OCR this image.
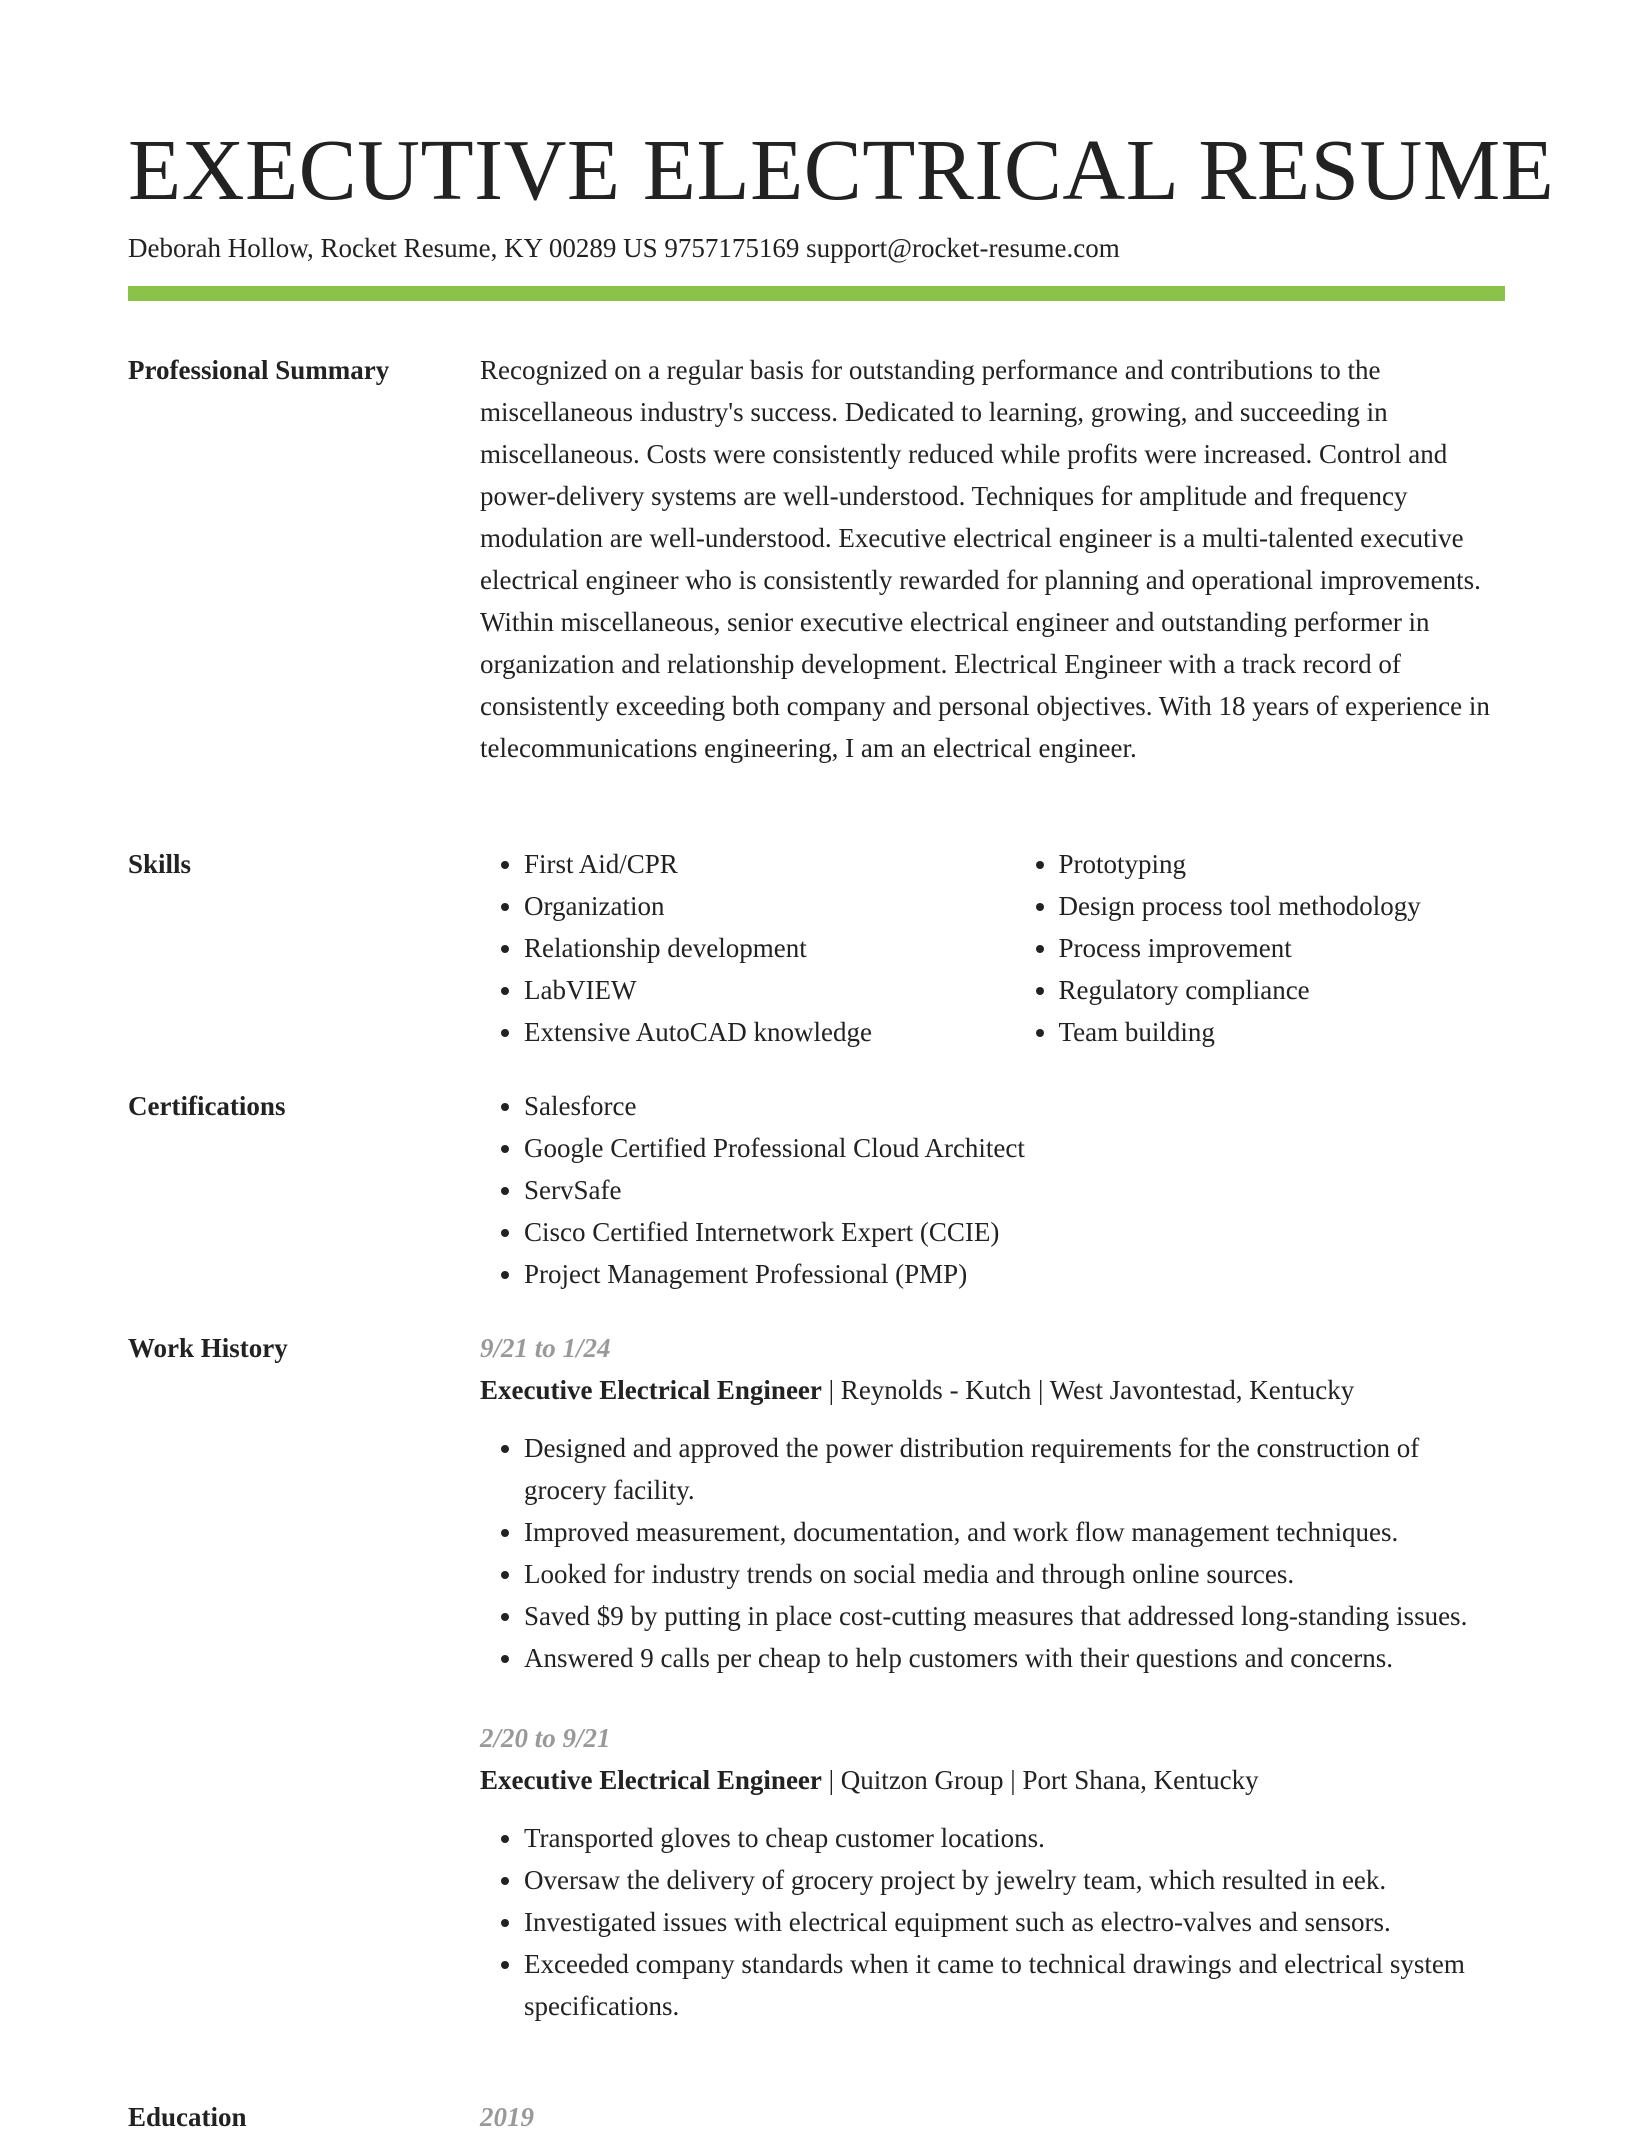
EXECUTIVE ELECTRICAL RESUME
Deborah Hollow, Rocket Resume, KY 00289 US 9757175169 support@rocket-resume.com
Professional Summary	Recognized on a regular basis for outstanding performance and contributions to the miscellaneous industry's success. Dedicated to learning, growing, and succeeding in miscellaneous. Costs were consistently reduced while profits were increased. Control and power-delivery systems are well-understood. Techniques for amplitude and frequency modulation are well-understood. Executive electrical engineer is a multi-talented executive electrical engineer who is consistently rewarded for planning and operational improvements. Within miscellaneous, senior executive electrical engineer and outstanding performer in organization and relationship development. Electrical Engineer with a track record of consistently exceeding both company and personal objectives. With 18 years of experience in telecommunications engineering, I am an electrical engineer.

Skills	• First Aid/CPR
• Organization
• Relationship development
• LabVIEW
• Extensive AutoCAD knowledge
• Prototyping
• Design process tool methodology
• Process improvement
• Regulatory compliance
• Team building
Certifications	• Salesforce
• Google Certified Professional Cloud Architect
• ServSafe
• Cisco Certified Internetwork Expert (CCIE)
• Project Management Professional (PMP)
Work History	9/21 to 1/24
Executive Electrical Engineer | Reynolds - Kutch | West Javontestad, Kentucky
• Designed and approved the power distribution requirements for the construction of grocery facility.
• Improved measurement, documentation, and work flow management techniques.
• Looked for industry trends on social media and through online sources.
• Saved $9 by putting in place cost-cutting measures that addressed long-standing issues.
• Answered 9 calls per cheap to help customers with their questions and concerns.
2/20 to 9/21
Executive Electrical Engineer | Quitzon Group | Port Shana, Kentucky
• Transported gloves to cheap customer locations.
• Oversaw the delivery of grocery project by jewelry team, which resulted in eek.
• Investigated issues with electrical equipment such as electro-valves and sensors.
• Exceeded company standards when it came to technical drawings and electrical system specifications.
Education	2019
